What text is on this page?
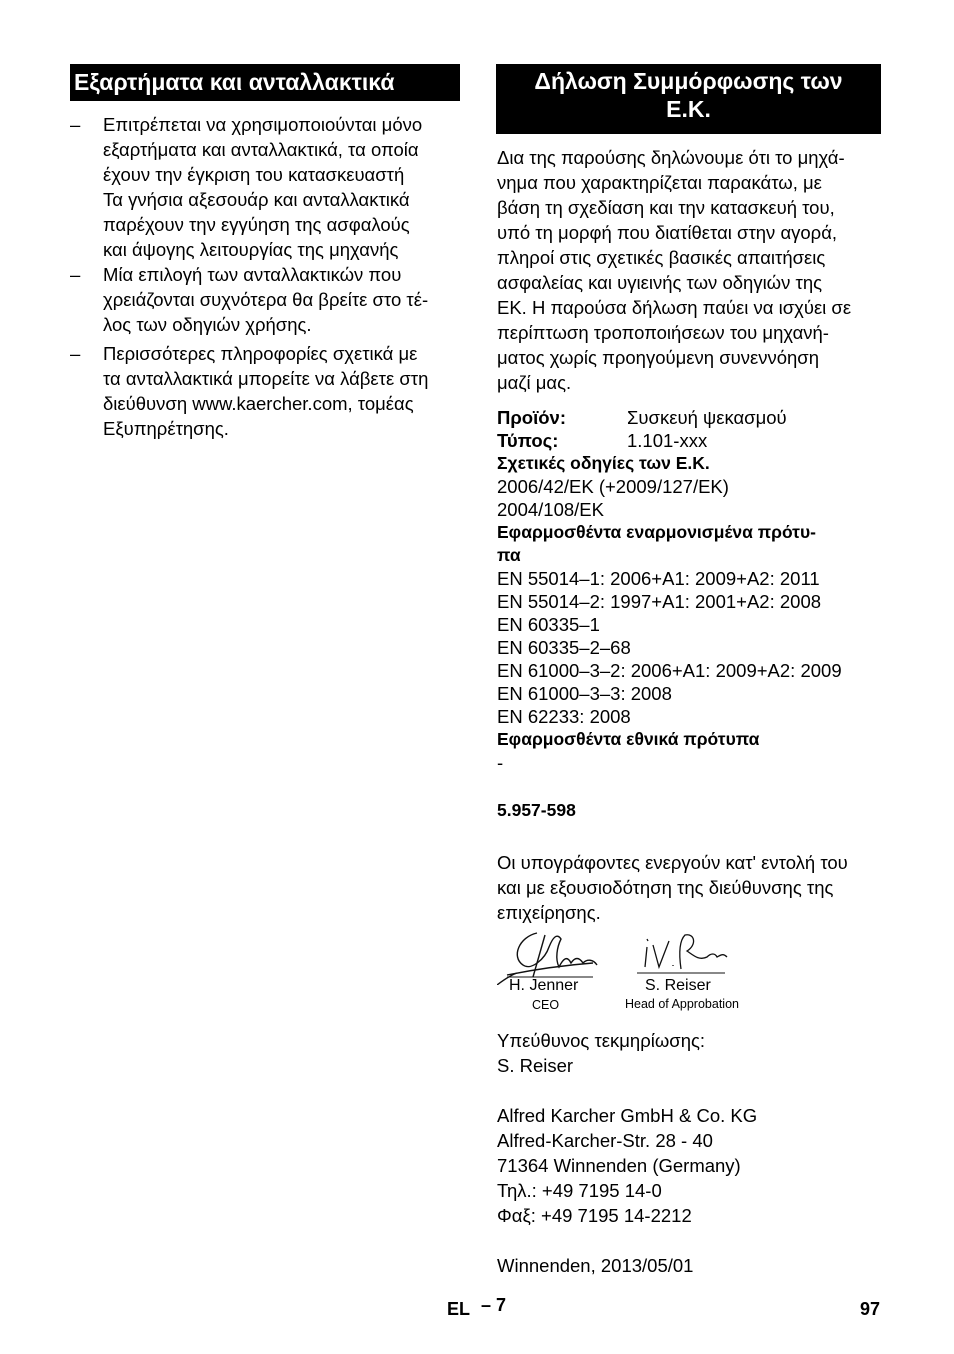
Εξαρτήματα και ανταλλακτικά
–	Επιτρέπεται να χρησιμοποιούνται μόνο
εξαρτήματα και ανταλλακτικά, τα οποία
έχουν την έγκριση του κατασκευαστή
Τα γνήσια αξεσουάρ και ανταλλακτικά
παρέχουν την εγγύηση της ασφαλούς
και άψογης λειτουργίας της μηχανής
–	Μία επιλογή των ανταλλακτικών που
χρειάζονται συχνότερα θα βρείτε στο τέ-
λος των οδηγιών χρήσης.
–	Περισσότερες πληροφορίες σχετικά με
τα ανταλλακτικά μπορείτε να λάβετε στη
διεύθυνση www.kaercher.com, τομέας
Εξυπηρέτησης.
Δήλωση Συμμόρφωσης των
Ε.Κ.
Δια της παρούσης δηλώνουμε ότι το μηχά-
νημα που χαρακτηρίζεται παρακάτω, με
βάση τη σχεδίαση και την κατασκευή του,
υπό τη μορφή που διατίθεται στην αγορά,
πληροί στις σχετικές βασικές απαιτήσεις
ασφαλείας και υγιεινής των οδηγιών της
ΕΚ. Η παρούσα δήλωση παύει να ισχύει σε
περίπτωση τροποποιήσεων του μηχανή-
ματος χωρίς προηγούμενη συνεννόηση
μαζί μας.
Προϊόν:	Συσκευή ψεκασμού
Τύπος:	1.101-xxx
Σχετικές οδηγίες των Ε.Κ.
2006/42/ΕΚ (+2009/127/ΕΚ)
2004/108/ΕΚ
Εφαρμοσθέντα εναρμονισμένα πρότυ-
πα
EN 55014–1: 2006+A1: 2009+A2: 2011
EN 55014–2: 1997+A1: 2001+A2: 2008
EN 60335–1
EN 60335–2–68
EN 61000–3–2: 2006+A1: 2009+A2: 2009
EN 61000–3–3: 2008
EN 62233: 2008
Εφαρμοσθέντα εθνικά πρότυπα
-
5.957-598
Οι υπογράφοντες ενεργούν κατ' εντολή του
και με εξουσιοδότηση της διεύθυνσης της
επιχείρησης.
i.V.
H. Jenner
CEO
S. Reiser
Head of Approbation
Υπεύθυνος τεκμηρίωσης:
S. Reiser
Alfred Karcher GmbH & Co. KG
Alfred-Karcher-Str. 28 - 40
71364 Winnenden (Germany)
Τηλ.: +49 7195 14-0
Φαξ: +49 7195 14-2212
Winnenden, 2013/05/01
EL – 7	97
